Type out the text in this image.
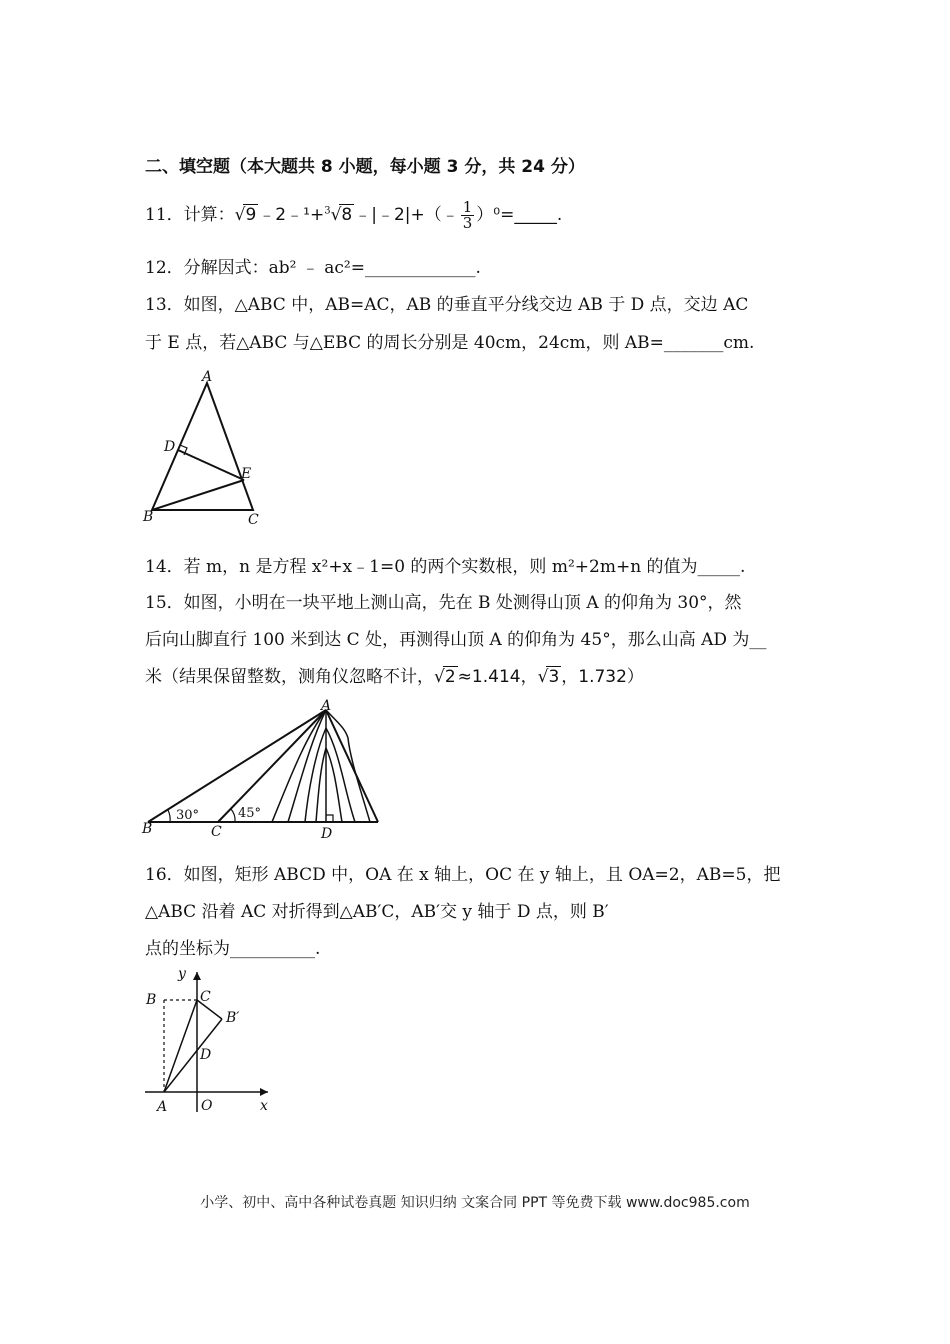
二、填空题（本大题共 8 小题，每小题 3 分，共 24 分）
11．计算：√9 ﹣2﹣¹+$^3$√8 ﹣|﹣2|+（﹣ $\frac{1}{3}$ ）⁰=_____.
12．分解因式：ab² ﹣ ac²=_____________.
13．如图，△ABC 中，AB=AC，AB 的垂直平分线交边 AB 于 D 点，交边 AC
于 E 点，若△ABC 与△EBC 的周长分别是 40cm，24cm，则 AB=_______cm.
A
D
E
B	C
14．若 m，n 是方程 x²+x﹣1=0 的两个实数根，则 m²+2m+n 的值为_____.
15．如图，小明在一块平地上测山高，先在 B 处测得山顶 A 的仰角为 30°，然
后向山脚直行 100 米到达 C 处，再测得山顶 A 的仰角为 45°，那么山高 AD 为__
米（结果保留整数，测角仪忽略不计，√2 ≈1.414，√3 ，1.732）
A
B	C	D
30°	45°
16．如图，矩形 ABCD 中，OA 在 x 轴上，OC 在 y 轴上，且 OA=2，AB=5，把
△ABC 沿着 AC 对折得到△AB′C，AB′交 y 轴于 D 点，则 B′
点的坐标为__________.
y
x
B	C
B′
D
A O
小学、初中、高中各种试卷真题 知识归纳 文案合同 PPT 等免费下载 www.doc985.com
